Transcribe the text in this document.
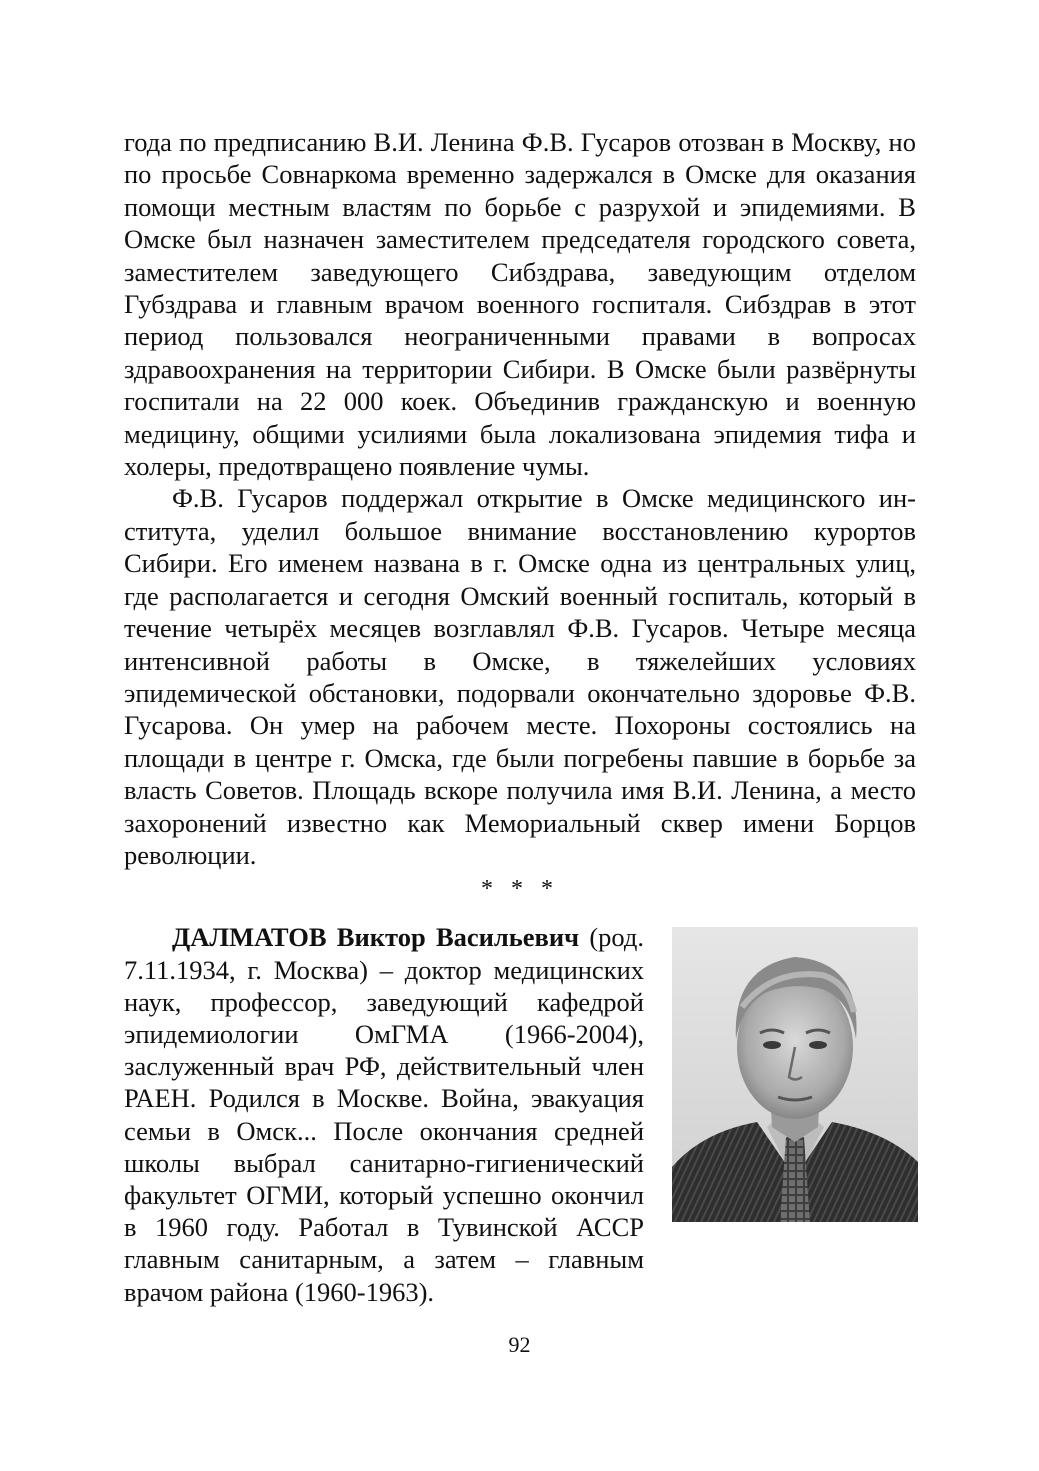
года по предписанию В.И. Ленина Ф.В. Гусаров отозван в Москву, но по просьбе Совнаркома временно задержался в Омске для оказания помощи местным властям по борьбе с разрухой и эпидемиями. В Омске был назначен заместителем председателя городского совета, заместителем заведующего Сибздрава, заведующим отделом Губздрава и главным врачом военного госпиталя. Сибздрав в этот период пользовался неограниченными правами в вопросах здравоохранения на территории Сибири. В Омске были развёрнуты госпитали на 22 000 коек. Объединив гражданскую и военную медицину, общими усилиями была локализована эпидемия тифа и холеры, предотвращено появление чумы.

Ф.В. Гусаров поддержал открытие в Омске медицинского института, уделил большое внимание восстановлению курортов Сибири. Его именем названа в г. Омске одна из центральных улиц, где располагается и сегодня Омский военный госпиталь, который в течение четырёх месяцев возглавлял Ф.В. Гусаров. Четыре месяца интенсивной работы в Омске, в тяжелейших условиях эпидемической обстановки, подорвали окончательно здоровье Ф.В. Гусарова. Он умер на рабочем месте. Похороны состоялись на площади в центре г. Омска, где были погребены павшие в борьбе за власть Советов. Площадь вскоре получила имя В.И. Ленина, а место захоронений известно как Мемориальный сквер имени Борцов революции.

* * *

ДАЛМАТОВ Виктор Васильевич (род. 7.11.1934, г. Москва) – доктор медицинских наук, профессор, заведующий кафедрой эпидемиологии ОмГМА (1966-2004), заслуженный врач РФ, действительный член РАЕН. Родился в Москве. Война, эвакуация семьи в Омск... После окончания средней школы выбрал санитарно-гигиенический факультет ОГМИ, который успешно окончил в 1960 году. Работал в Тувинской АССР главным санитарным, а затем – главным врачом района (1960-1963).

92
